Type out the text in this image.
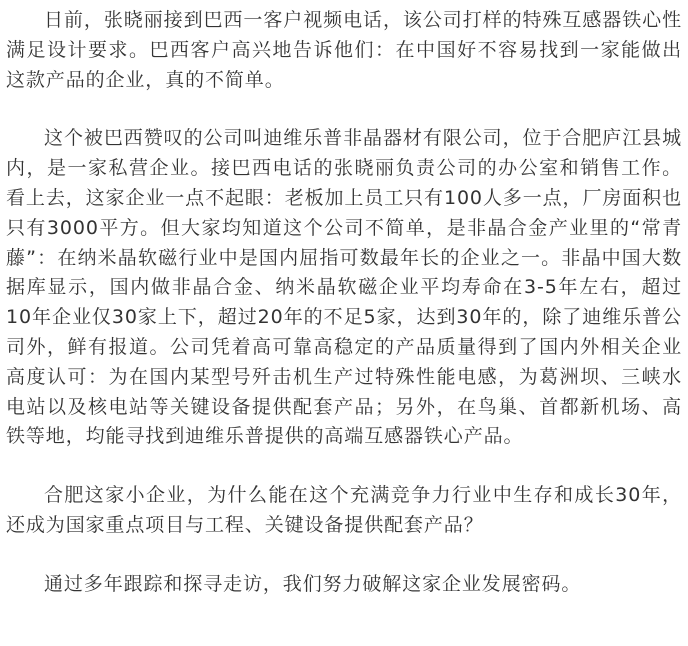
日前，张晓丽接到巴西一客户视频电话，该公司打样的特殊互感器铁心性满足设计要求。巴西客户高兴地告诉他们：在中国好不容易找到一家能做出这款产品的企业，真的不简单。

这个被巴西赞叹的公司叫迪维乐普非晶器材有限公司，位于合肥庐江县城内，是一家私营企业。接巴西电话的张晓丽负责公司的办公室和销售工作。看上去，这家企业一点不起眼：老板加上员工只有100人多一点，厂房面积也只有3000平方。但大家均知道这个公司不简单，是非晶合金产业里的“常青藤”：在纳米晶软磁行业中是国内屈指可数最年长的企业之一。非晶中国大数据库显示，国内做非晶合金、纳米晶软磁企业平均寿命在3-5年左右，超过10年企业仅30家上下，超过20年的不足5家，达到30年的，除了迪维乐普公司外，鲜有报道。公司凭着高可靠高稳定的产品质量得到了国内外相关企业高度认可：为在国内某型号歼击机生产过特殊性能电感，为葛洲坝、三峡水电站以及核电站等关键设备提供配套产品；另外，在鸟巢、首都新机场、高铁等地，均能寻找到迪维乐普提供的高端互感器铁心产品。

合肥这家小企业，为什么能在这个充满竞争力行业中生存和成长30年，还成为国家重点项目与工程、关键设备提供配套产品？

通过多年跟踪和探寻走访，我们努力破解这家企业发展密码。
